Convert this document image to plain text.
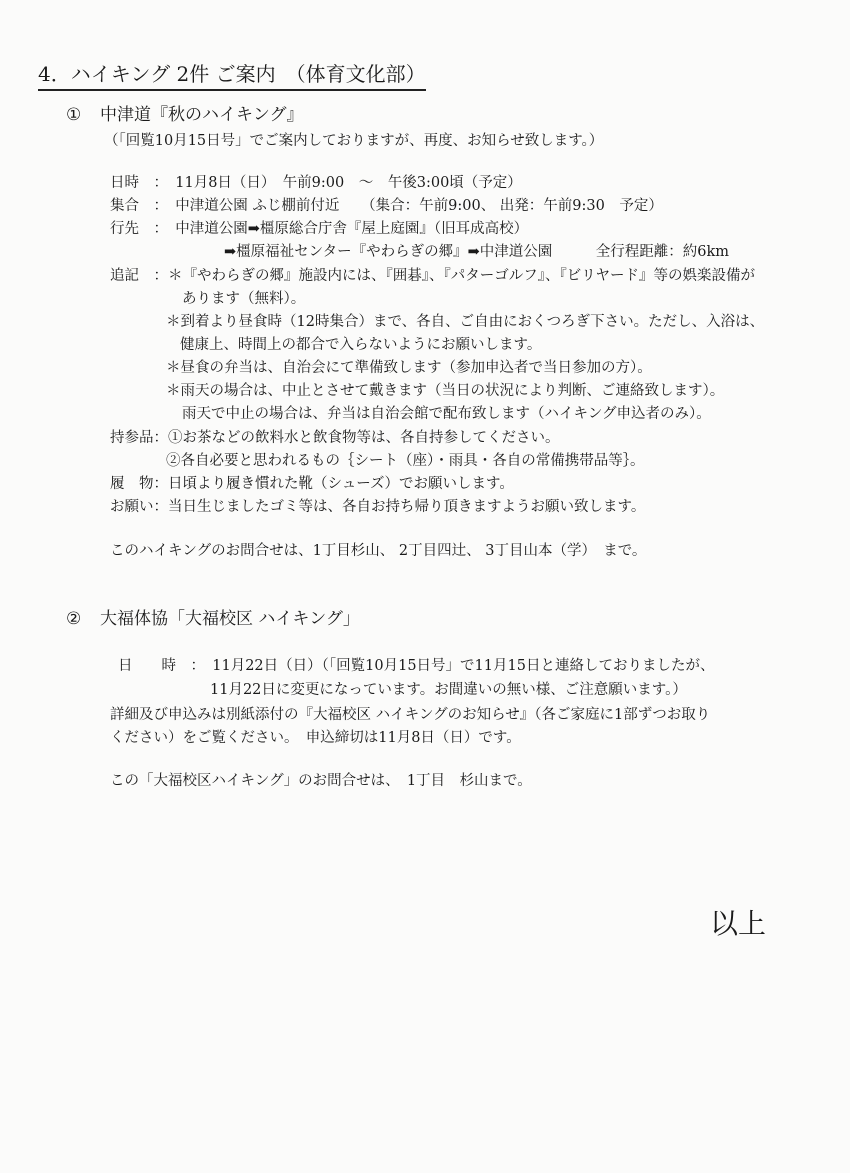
4．ハイキング 2件 ご案内　（体育文化部）
① 中津道『秋のハイキング』
（「回覧10月15日号」でご案内しておりますが、再度、お知らせ致します。）
日時　：　11月8日（日）　午前9:00　～　午後3:00頃（予定）
集合　：　中津道公園 ふじ棚前付近　　（集合：午前9:00、 出発：午前9:30　予定）
行先　：　中津道公園➡橿原総合庁舎『屋上庭園』（旧耳成高校）
➡橿原福祉センター『やわらぎの郷』➡中津道公園　　　全行程距離：約6km
追記　：＊『やわらぎの郷』施設内には、『囲碁』、『パターゴルフ』、『ビリヤード』等の娯楽設備が
あります（無料）。
＊到着より昼食時（12時集合）まで、各自、ご自由におくつろぎ下さい。ただし、入浴は、
健康上、時間上の都合で入らないようにお願いします。
＊昼食の弁当は、自治会にて準備致します（参加申込者で当日参加の方）。
＊雨天の場合は、中止とさせて戴きます（当日の状況により判断、ご連絡致します）。
雨天で中止の場合は、弁当は自治会館で配布致します（ハイキング申込者のみ）。
持参品：①お茶などの飲料水と飲食物等は、各自持参してください。
②各自必要と思われるもの｛シート（座）・雨具・各自の常備携帯品等｝。
履　物：日頃より履き慣れた靴（シューズ）でお願いします。
お願い：当日生じましたゴミ等は、各自お持ち帰り頂きますようお願い致します。
このハイキングのお問合せは、1丁目杉山、 2丁目四辻、 3丁目山本（学）　まで。
② 大福体協「大福校区 ハイキング」
日　　時　：　11月22日（日）（「回覧10月15日号」で11月15日と連絡しておりましたが、
11月22日に変更になっています。お間違いの無い様、ご注意願います。）
詳細及び申込みは別紙添付の『大福校区 ハイキングのお知らせ』（各ご家庭に1部ずつお取り
ください）をご覧ください。　申込締切は11月8日（日）です。
この「大福校区ハイキング」のお問合せは、　1丁目　杉山まで。
以上
